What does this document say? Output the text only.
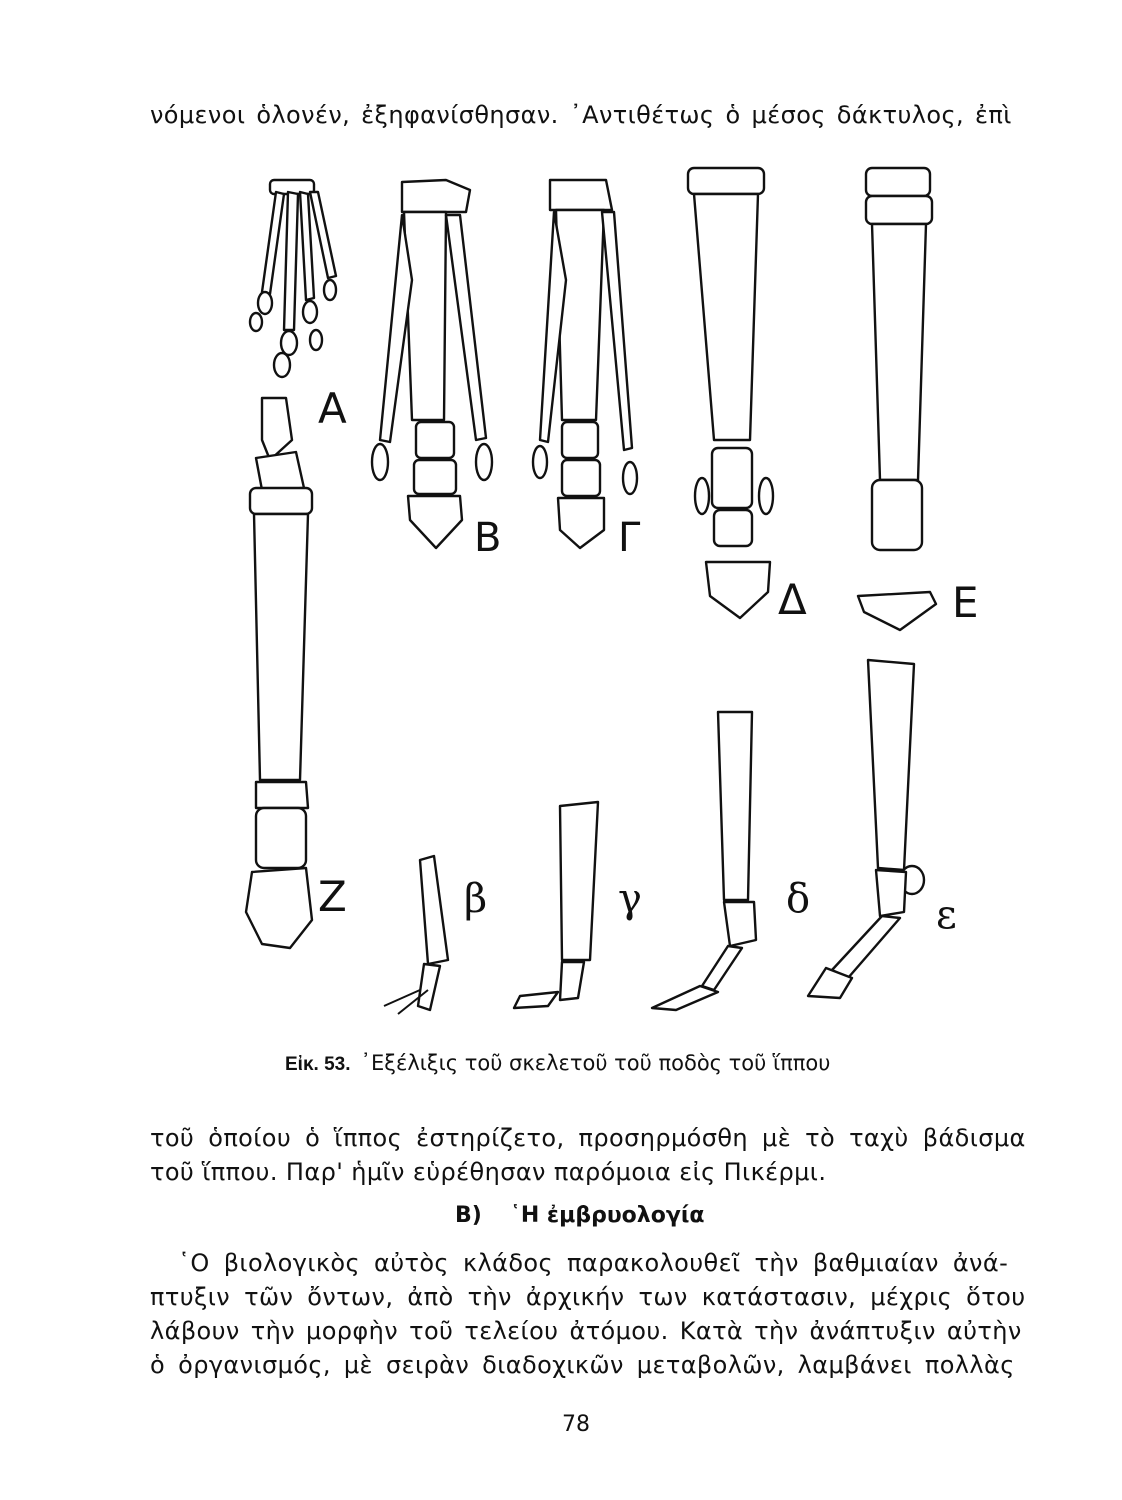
νόμενοι ὁλονέν, ἐξηφανίσθησαν. ᾿Αντιθέτως ὁ μέσος δάκτυλος, ἐπὶ
A
B	Γ
Δ	E
Z	β	γ	δ	ε
Εἰκ. 53. ᾿Εξέλιξις τοῦ σκελετοῦ τοῦ ποδὸς τοῦ ἵππου
τοῦ ὁποίου ὁ ἵππος ἐστηρίζετο, προσηρμόσθη μὲ τὸ ταχὺ βάδισμα
τοῦ ἵππου. Παρ' ἡμῖν εὑρέθησαν παρόμοια εἰς Πικέρμι.
B) ῾Η ἐμβρυολογία
῾Ο βιολογικὸς αὐτὸς κλάδος παρακολουθεῖ τὴν βαθμιαίαν ἀνά-
πτυξιν τῶν ὄντων, ἀπὸ τὴν ἀρχικήν των κατάστασιν, μέχρις ὅτου
λάβουν τὴν μορφὴν τοῦ τελείου ἀτόμου. Κατὰ τὴν ἀνάπτυξιν αὐτὴν
ὁ ὀργανισμός, μὲ σειρὰν διαδοχικῶν μεταβολῶν, λαμβάνει πολλὰς
78
